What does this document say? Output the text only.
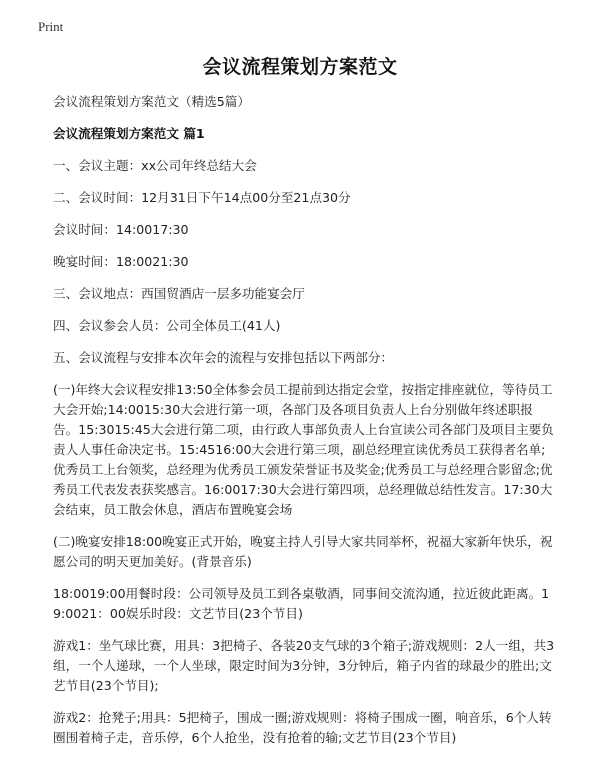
Print
会议流程策划方案范文

会议流程策划方案范文（精选5篇）

会议流程策划方案范文 篇1

一、会议主题：xx公司年终总结大会

二、会议时间：12月31日下午14点00分至21点30分

会议时间：14:0017:30

晚宴时间：18:0021:30

三、会议地点：西国贸酒店一层多功能宴会厅

四、会议参会人员：公司全体员工(41人)

五、会议流程与安排本次年会的流程与安排包括以下两部分：

(一)年终大会议程安排13:50全体参会员工提前到达指定会堂，按指定排座就位，等待员工大会开始;14:0015:30大会进行第一项，各部门及各项目负责人上台分别做年终述职报告。15:3015:45大会进行第二项，由行政人事部负责人上台宣读公司各部门及项目主要负责人人事任命决定书。15:4516:00大会进行第三项，副总经理宣读优秀员工获得者名单;优秀员工上台领奖，总经理为优秀员工颁发荣誉证书及奖金;优秀员工与总经理合影留念;优秀员工代表发表获奖感言。16:0017:30大会进行第四项，总经理做总结性发言。17:30大会结束，员工散会休息，酒店布置晚宴会场

(二)晚宴安排18:00晚宴正式开始，晚宴主持人引导大家共同举杯，祝福大家新年快乐，祝愿公司的明天更加美好。(背景音乐)

18:0019:00用餐时段：公司领导及员工到各桌敬酒，同事间交流沟通，拉近彼此距离。19:0021：00娱乐时段：文艺节目(23个节目)

游戏1：坐气球比赛，用具：3把椅子、各装20支气球的3个箱子;游戏规则：2人一组，共3组，一个人递球，一个人坐球，限定时间为3分钟，3分钟后，箱子内省的球最少的胜出;文艺节目(23个节目);

游戏2：抢凳子;用具：5把椅子，围成一圈;游戏规则：将椅子围成一圈，响音乐，6个人转圈围着椅子走，音乐停，6个人抢坐，没有抢着的输;文艺节目(23个节目)
